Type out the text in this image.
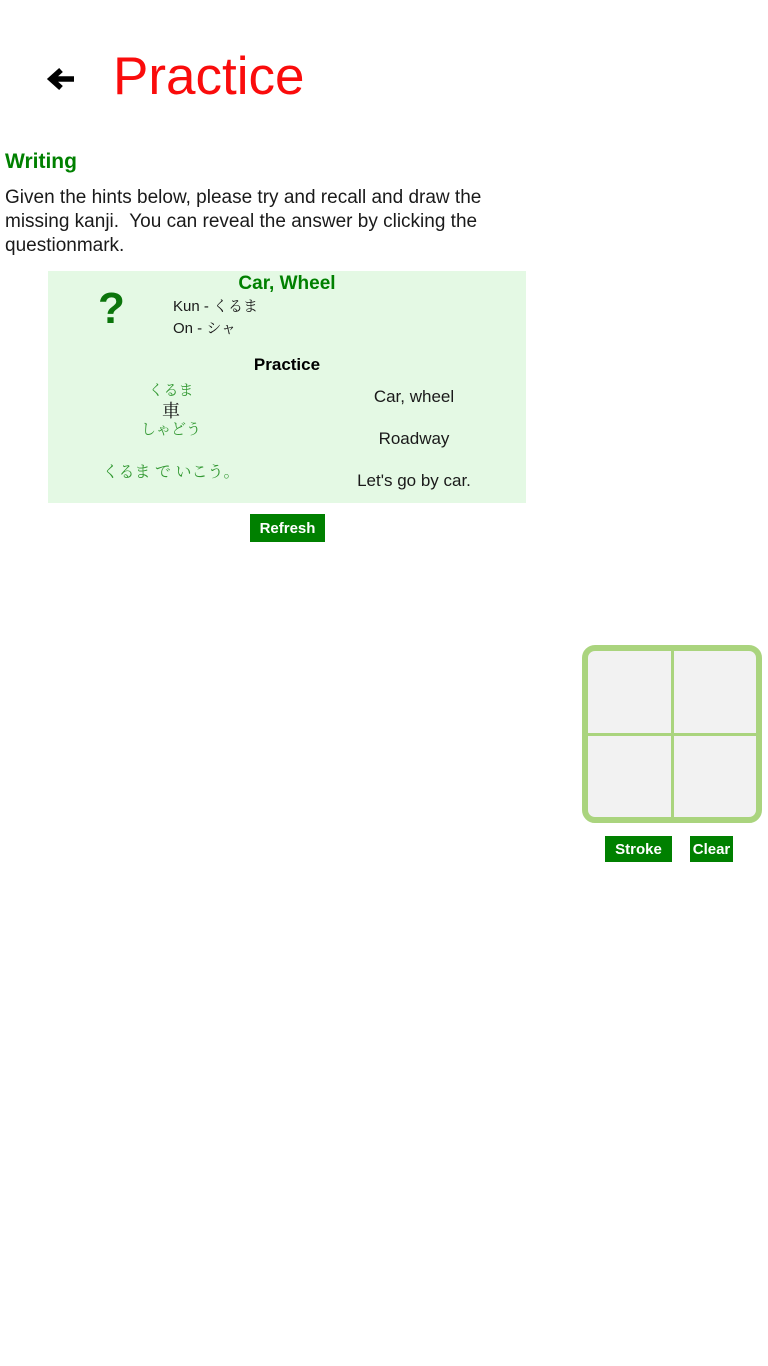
Practice
Writing

Given the hints below, please try and recall and draw the missing kanji.  You can reveal the answer by clicking the questionmark.

Car, Wheel
?	Kun - くるま
On - シャ
Practice
くるま
車
しゃどう
くるま で いこう。
Car, wheel
Roadway
Let's go by car.
Refresh
Stroke	Clear
